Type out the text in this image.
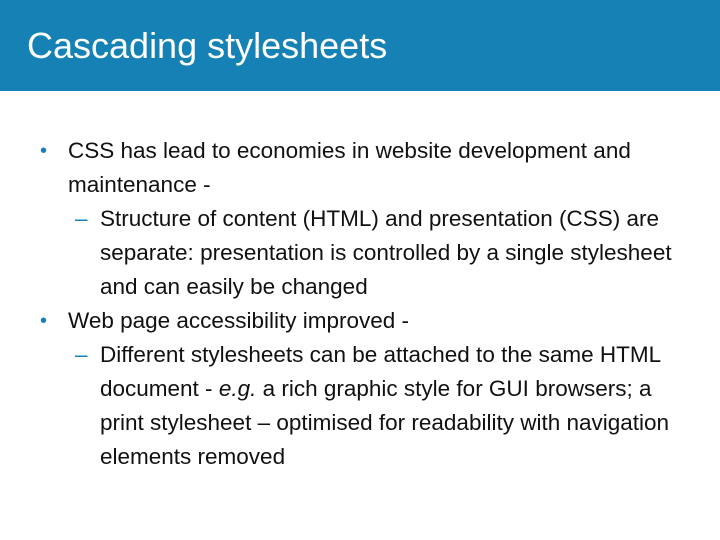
Cascading stylesheets
• CSS has lead to economies in website development and maintenance -
– Structure of content (HTML) and presentation (CSS) are separate: presentation is controlled by a single stylesheet and can easily be changed
• Web page accessibility improved -
– Different stylesheets can be attached to the same HTML document - e.g. a rich graphic style for GUI browsers; a print stylesheet – optimised for readability with navigation elements removed
